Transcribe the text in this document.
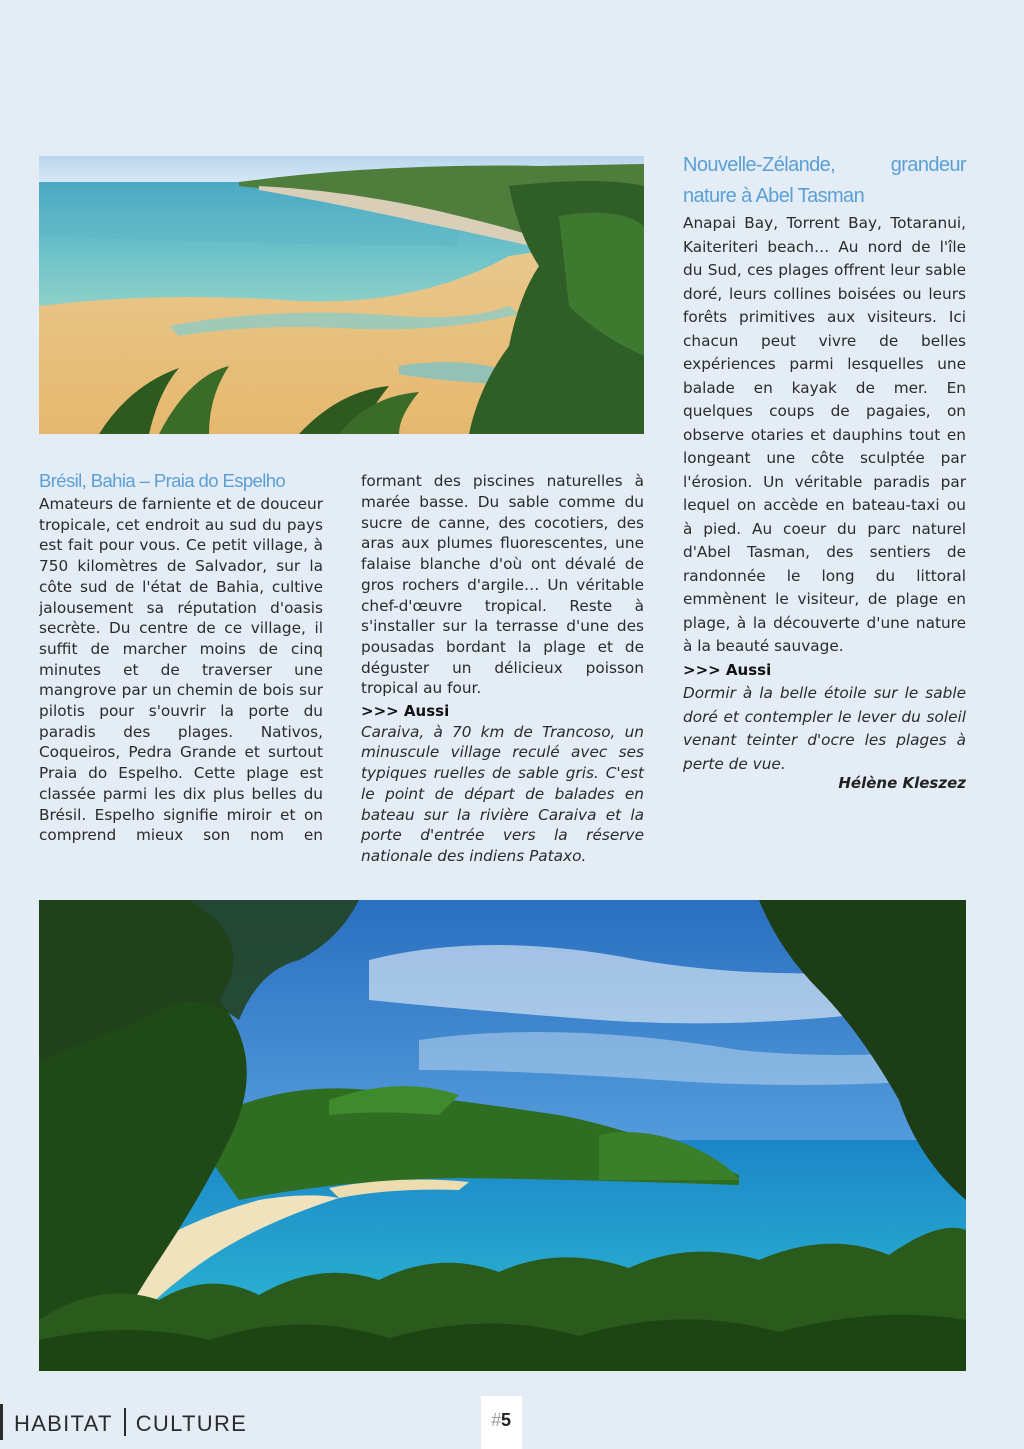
Brésil, Bahia – Praia do Espelho

Amateurs de farniente et de douceur tropicale, cet endroit au sud du pays est fait pour vous. Ce petit village, à 750 kilomètres de Salvador, sur la côte sud de l'état de Bahia, cultive jalousement sa réputation d'oasis secrète. Du centre de ce village, il suffit de marcher moins de cinq minutes et de traverser une mangrove par un chemin de bois sur pilotis pour s'ouvrir la porte du paradis des plages. Nativos, Coqueiros, Pedra Grande et surtout Praia do Espelho. Cette plage est classée parmi les dix plus belles du Brésil. Espelho signifie miroir et on comprend mieux son nom en

formant des piscines naturelles à marée basse. Du sable comme du sucre de canne, des cocotiers, des aras aux plumes fluorescentes, une falaise blanche d'où ont dévalé de gros rochers d'argile… Un véritable chef-d'œuvre tropical. Reste à s'installer sur la terrasse d'une des pousadas bordant la plage et de déguster un délicieux poisson tropical au four.

>>> Aussi

Caraiva, à 70 km de Trancoso, un minuscule village reculé avec ses typiques ruelles de sable gris. C'est le point de départ de balades en bateau sur la rivière Caraiva et la porte d'entrée vers la réserve nationale des indiens Pataxo.

Nouvelle-Zélande, grandeur
nature à Abel Tasman

Anapai Bay, Torrent Bay, Totaranui, Kaiteriteri beach… Au nord de l'île du Sud, ces plages offrent leur sable doré, leurs collines boisées ou leurs forêts primitives aux visiteurs. Ici chacun peut vivre de belles expériences parmi lesquelles une balade en kayak de mer. En quelques coups de pagaies, on observe otaries et dauphins tout en longeant une côte sculptée par l'érosion. Un véritable paradis par lequel on accède en bateau-taxi ou à pied. Au coeur du parc naturel d'Abel Tasman, des sentiers de randonnée le long du littoral emmènent le visiteur, de plage en plage, à la découverte d'une nature à la beauté sauvage.

>>> Aussi

Dormir à la belle étoile sur le sable doré et contempler le lever du soleil venant teinter d'ocre les plages à perte de vue.

Hélène Kleszez
HABITAT CULTURE	#5
